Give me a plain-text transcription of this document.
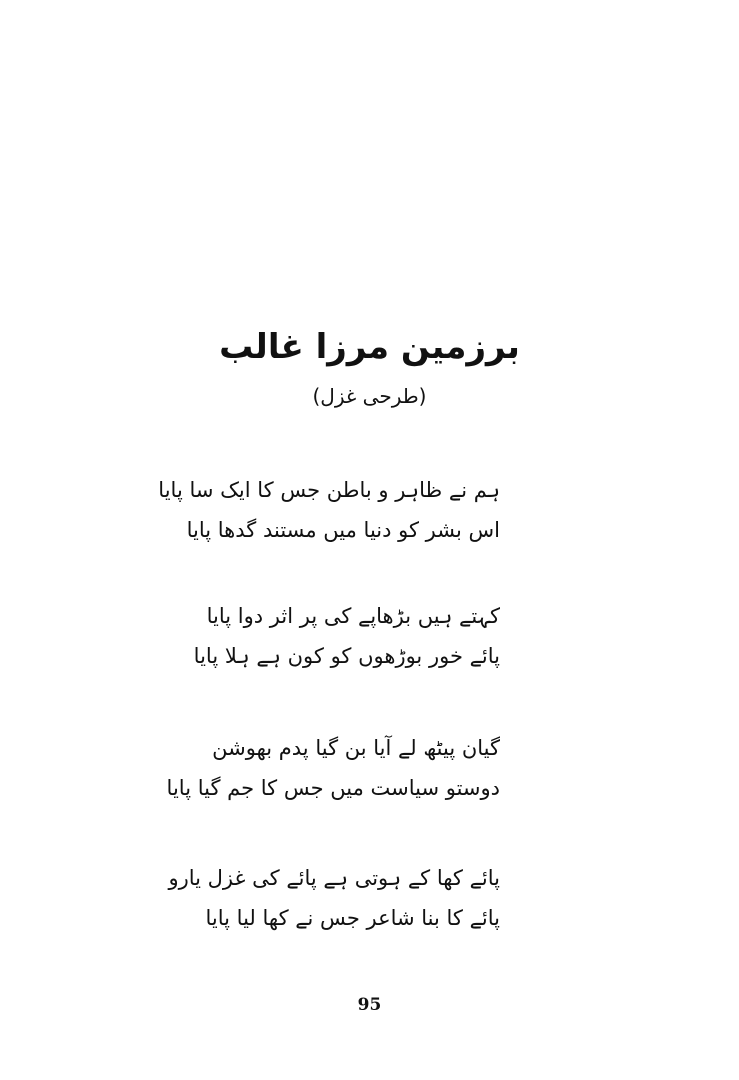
برزمین مرزا غالب
(طرحی غزل)
ہم نے ظاہر و باطن جس کا ایک سا پایا
اس بشر کو دنیا میں مستند گدھا پایا
کہتے ہیں بڑھاپے کی پر اثر دوا پایا
پائے خور بوڑھوں کو کون ہے ہلا پایا
گیان پیٹھ لے آیا بن گیا پدم بھوشن
دوستو سیاست میں جس کا جم گیا پایا
پائے کھا کے ہوتی ہے پائے کی غزل یارو
پائے کا بنا شاعر جس نے کھا لیا پایا
95
